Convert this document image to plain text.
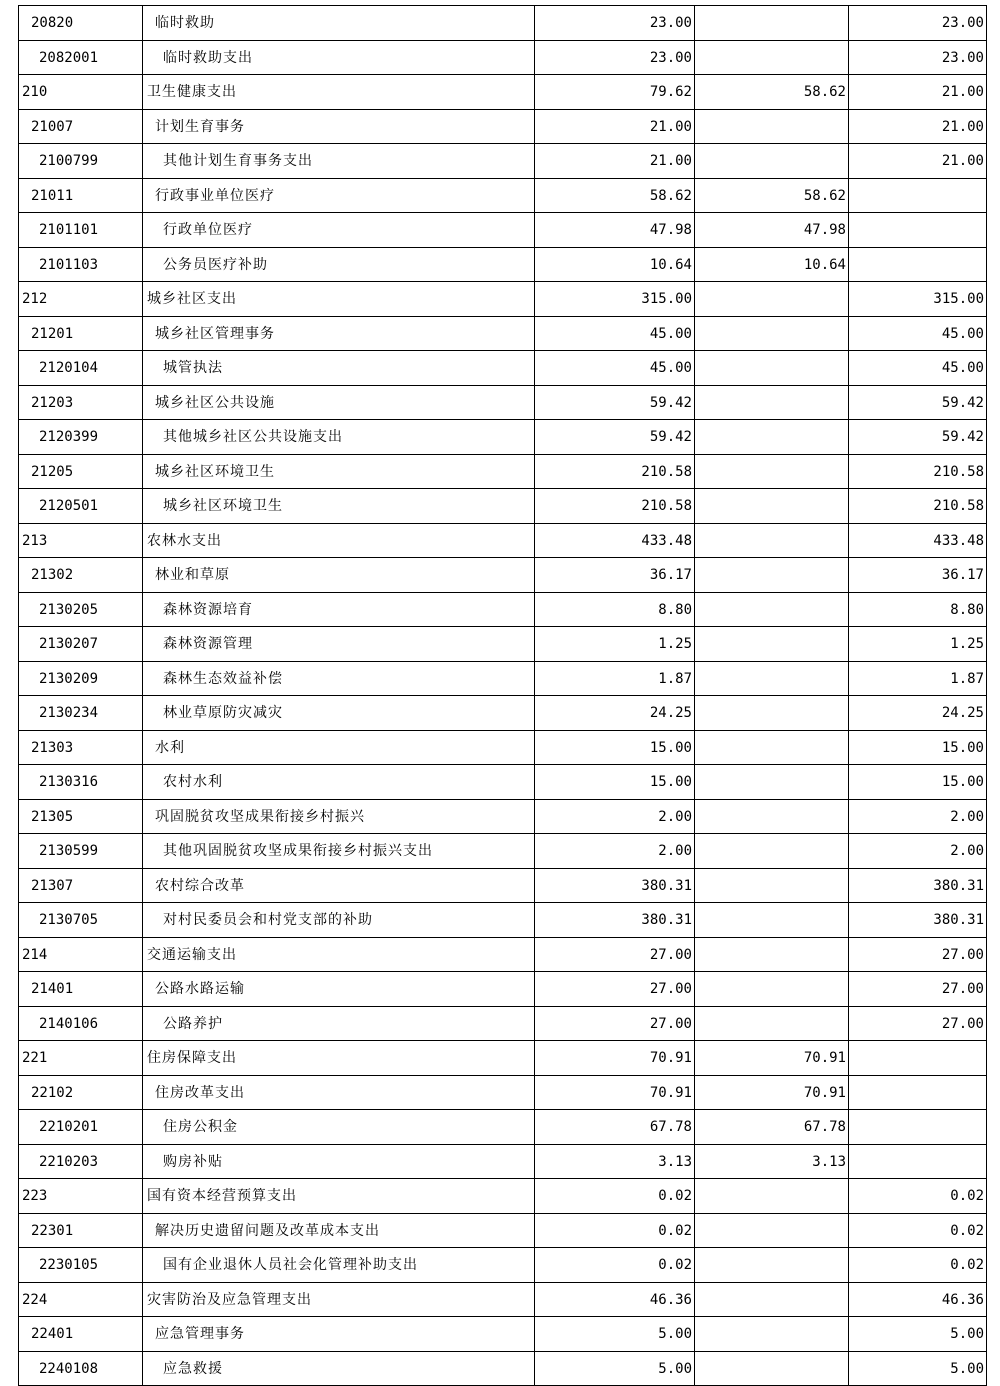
20820	临时救助	23.00		23.00
2082001	临时救助支出	23.00		23.00
210	卫生健康支出	79.62	58.62	21.00
21007	计划生育事务	21.00		21.00
2100799	其他计划生育事务支出	21.00		21.00
21011	行政事业单位医疗	58.62	58.62	
2101101	行政单位医疗	47.98	47.98	
2101103	公务员医疗补助	10.64	10.64	
212	城乡社区支出	315.00		315.00
21201	城乡社区管理事务	45.00		45.00
2120104	城管执法	45.00		45.00
21203	城乡社区公共设施	59.42		59.42
2120399	其他城乡社区公共设施支出	59.42		59.42
21205	城乡社区环境卫生	210.58		210.58
2120501	城乡社区环境卫生	210.58		210.58
213	农林水支出	433.48		433.48
21302	林业和草原	36.17		36.17
2130205	森林资源培育	8.80		8.80
2130207	森林资源管理	1.25		1.25
2130209	森林生态效益补偿	1.87		1.87
2130234	林业草原防灾减灾	24.25		24.25
21303	水利	15.00		15.00
2130316	农村水利	15.00		15.00
21305	巩固脱贫攻坚成果衔接乡村振兴	2.00		2.00
2130599	其他巩固脱贫攻坚成果衔接乡村振兴支出	2.00		2.00
21307	农村综合改革	380.31		380.31
2130705	对村民委员会和村党支部的补助	380.31		380.31
214	交通运输支出	27.00		27.00
21401	公路水路运输	27.00		27.00
2140106	公路养护	27.00		27.00
221	住房保障支出	70.91	70.91	
22102	住房改革支出	70.91	70.91	
2210201	住房公积金	67.78	67.78	
2210203	购房补贴	3.13	3.13	
223	国有资本经营预算支出	0.02		0.02
22301	解决历史遗留问题及改革成本支出	0.02		0.02
2230105	国有企业退休人员社会化管理补助支出	0.02		0.02
224	灾害防治及应急管理支出	46.36		46.36
22401	应急管理事务	5.00		5.00
2240108	应急救援	5.00		5.00
